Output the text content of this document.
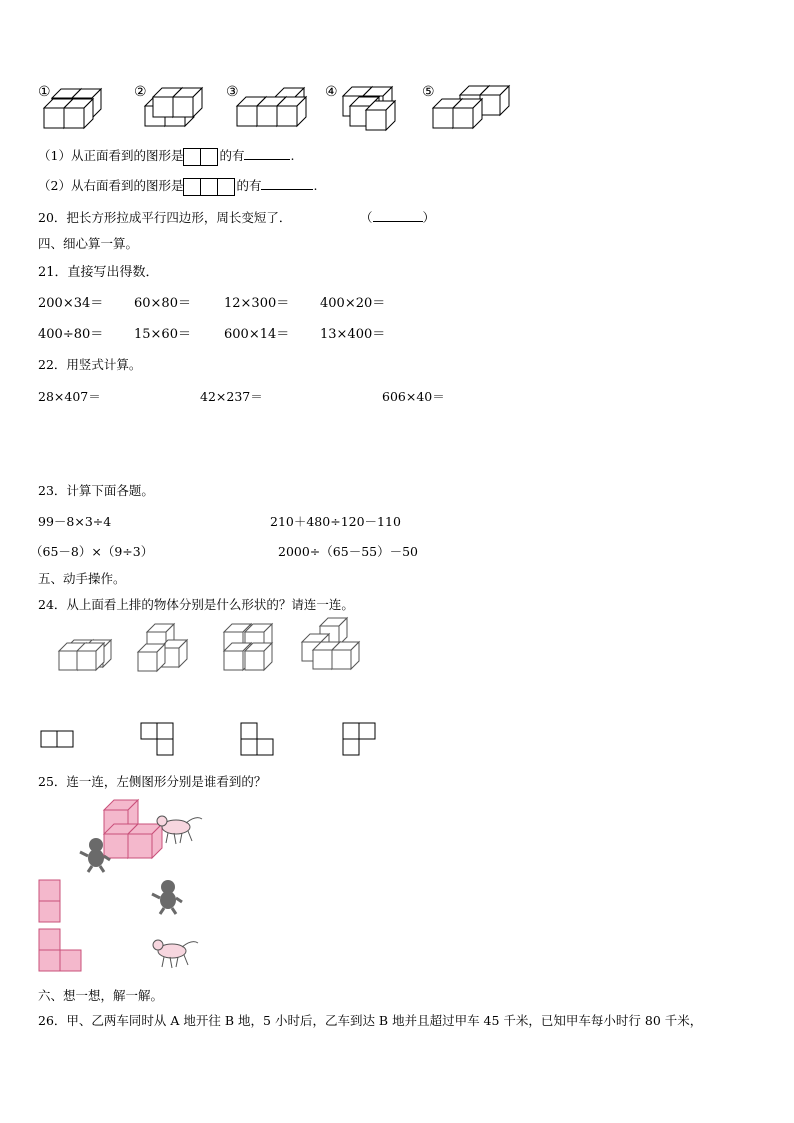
①	②	③	④	⑤
（1）从正面看到的图形是	的有	.
（2）从右面看到的图形是	的有	.
20．把长方形拉成平行四边形，周长变短了．	（	）
四、细心算一算。
21．直接写出得数．
200×34＝ 60×80＝	12×300＝ 400×20＝
400÷80＝ 15×60＝	600×14＝ 13×400＝
22．用竖式计算。
28×407＝	42×237＝	606×40＝
23．计算下面各题。
99－8×3÷4	210＋480÷120－110
（65－8）×（9÷3）	2000÷（65－55）－50
五、动手操作。
24．从上面看上排的物体分别是什么形状的？请连一连。
25．连一连，左侧图形分别是谁看到的？
六、想一想，解一解。
26．甲、乙两车同时从 A 地开往 B 地，5 小时后，乙车到达 B 地并且超过甲车 45 千米，已知甲车每小时行 80 千米，
